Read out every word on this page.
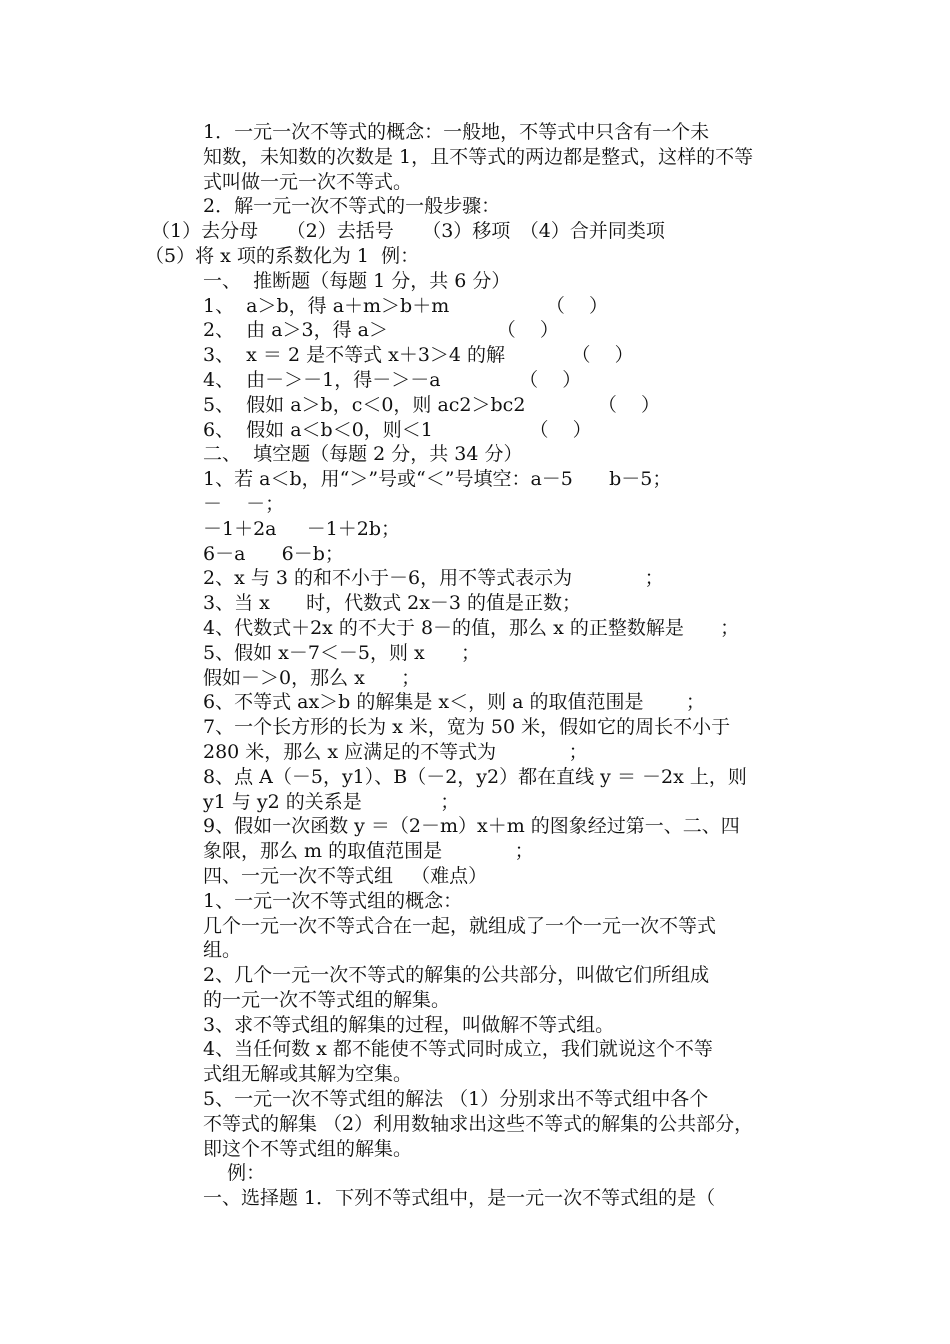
1．一元一次不等式的概念：一般地，不等式中只含有一个未
知数，未知数的次数是 1，且不等式的两边都是整式，这样的不等
式叫做一元一次不等式。
2．解一元一次不等式的一般步骤：
（1）去分母　　（2）去括号　　（3）移项　（4）合并同类项
（5）将 x 项的系数化为 1  例：
一、  推断题（每题 1 分，共 6 分）
1、  a＞b，得 a＋m＞b＋m                （    ）
2、  由 a＞3，得 a＞                  （    ）
3、  x ＝ 2 是不等式 x＋3＞4 的解           （    ）
4、  由－＞－1，得－＞－a             （    ）
5、  假如 a＞b，c＜0，则 ac2＞bc2            （    ）
6、  假如 a＜b＜0，则＜1                （    ）
二、  填空题（每题 2 分，共 34 分）
1、若 a＜b，用“＞”号或“＜”号填空：a－5      b－5；
－    －；
－1＋2a     －1＋2b；
6－a      6－b；
2、x 与 3 的和不小于－6，用不等式表示为            ；
3、当 x      时，代数式 2x－3 的值是正数；
4、代数式＋2x 的不大于 8－的值，那么 x 的正整数解是      ；
5、假如 x－7＜－5，则 x      ；
假如－＞0，那么 x      ；
6、不等式 ax＞b 的解集是 x＜，则 a 的取值范围是       ；
7、一个长方形的长为 x 米，宽为 50 米，假如它的周长不小于
280 米，那么 x 应满足的不等式为            ；
8、点 A（－5，y1）、B（－2，y2）都在直线 y ＝ －2x 上，则
y1 与 y2 的关系是             ；
9、假如一次函数 y ＝（2－m）x＋m 的图象经过第一、二、四
象限，那么 m 的取值范围是            ；
四、一元一次不等式组   （难点）
1、一元一次不等式组的概念：
几个一元一次不等式合在一起，就组成了一个一元一次不等式
组。
2、几个一元一次不等式的解集的公共部分，叫做它们所组成
的一元一次不等式组的解集。
3、求不等式组的解集的过程，叫做解不等式组。
4、当任何数 x 都不能使不等式同时成立，我们就说这个不等
式组无解或其解为空集。
5、一元一次不等式组的解法 （1）分别求出不等式组中各个
不等式的解集 （2）利用数轴求出这些不等式的解集的公共部分，
即这个不等式组的解集。
例：
一、选择题 1．下列不等式组中，是一元一次不等式组的是（
